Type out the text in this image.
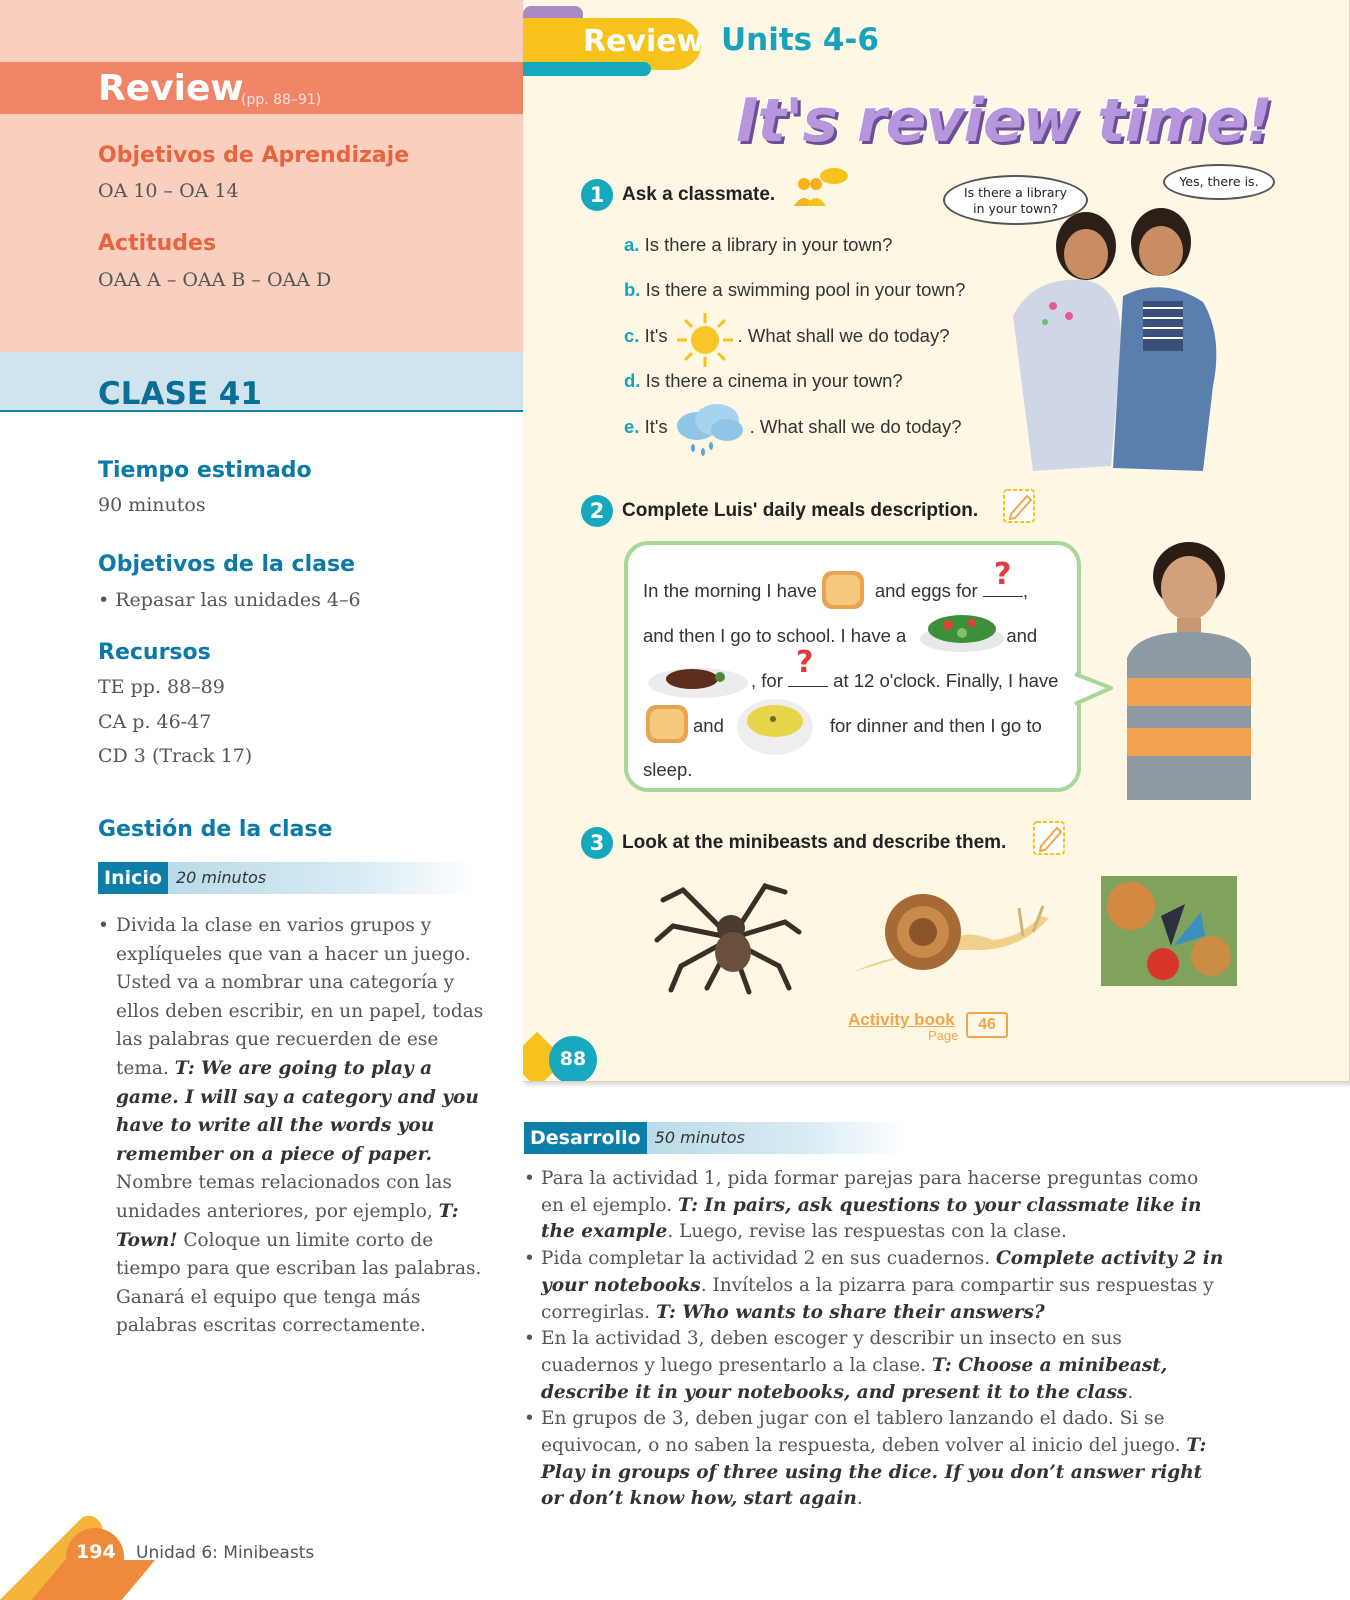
Review
(pp. 88–91)
Objetivos de Aprendizaje
OA 10 – OA 14
Actitudes
OAA A – OAA B – OAA D
CLASE 41
Tiempo estimado
90 minutos
Objetivos de la clase
• Repasar las unidades 4–6
Recursos
TE pp. 88–89
CA p. 46-47
CD 3 (Track 17)
Gestión de la clase
Inicio 20 minutos
• Divida la clase en varios grupos y explíqueles que van a hacer un juego. Usted va a nombrar una categoría y ellos deben escribir, en un papel, todas las palabras que recuerden de ese tema. T: We are going to play a game. I will say a category and you have to write all the words you remember on a piece of paper. Nombre temas relacionados con las unidades anteriores, por ejemplo, T: Town! Coloque un limite corto de tiempo para que escriban las palabras. Ganará el equipo que tenga más palabras escritas correctamente.
Review Units 4-6
It's review time!
1 Ask a classmate.
a. Is there a library in your town?
b. Is there a swimming pool in your town?
c. It's	. What shall we do today?
d. Is there a cinema in your town?
e. It's	. What shall we do today?
Is there a library
in your town?
Yes, there is.
2 Complete Luis' daily meals description.
In the morning I have	and eggs for ,
and then I go to school. I have a	and
, for	at 12 o'clock. Finally, I have
and	for dinner and then I go to
sleep.
?
?
3 Look at the minibeasts and describe them.
Activity book
Page
46
88
Desarrollo 50 minutos
• Para la actividad 1, pida formar parejas para hacerse preguntas como en el ejemplo. T: In pairs, ask questions to your classmate like in the example. Luego, revise las respuestas con la clase.
• Pida completar la actividad 2 en sus cuadernos. Complete activity 2 in your notebooks. Invítelos a la pizarra para compartir sus respuestas y corregirlas. T: Who wants to share their answers?
• En la actividad 3, deben escoger y describir un insecto en sus cuadernos y luego presentarlo a la clase. T: Choose a minibeast, describe it in your notebooks, and present it to the class.
• En grupos de 3, deben jugar con el tablero lanzando el dado. Si se equivocan, o no saben la respuesta, deben volver al inicio del juego. T: Play in groups of three using the dice. If you don’t answer right or don’t know how, start again.
194 Unidad 6: Minibeasts
